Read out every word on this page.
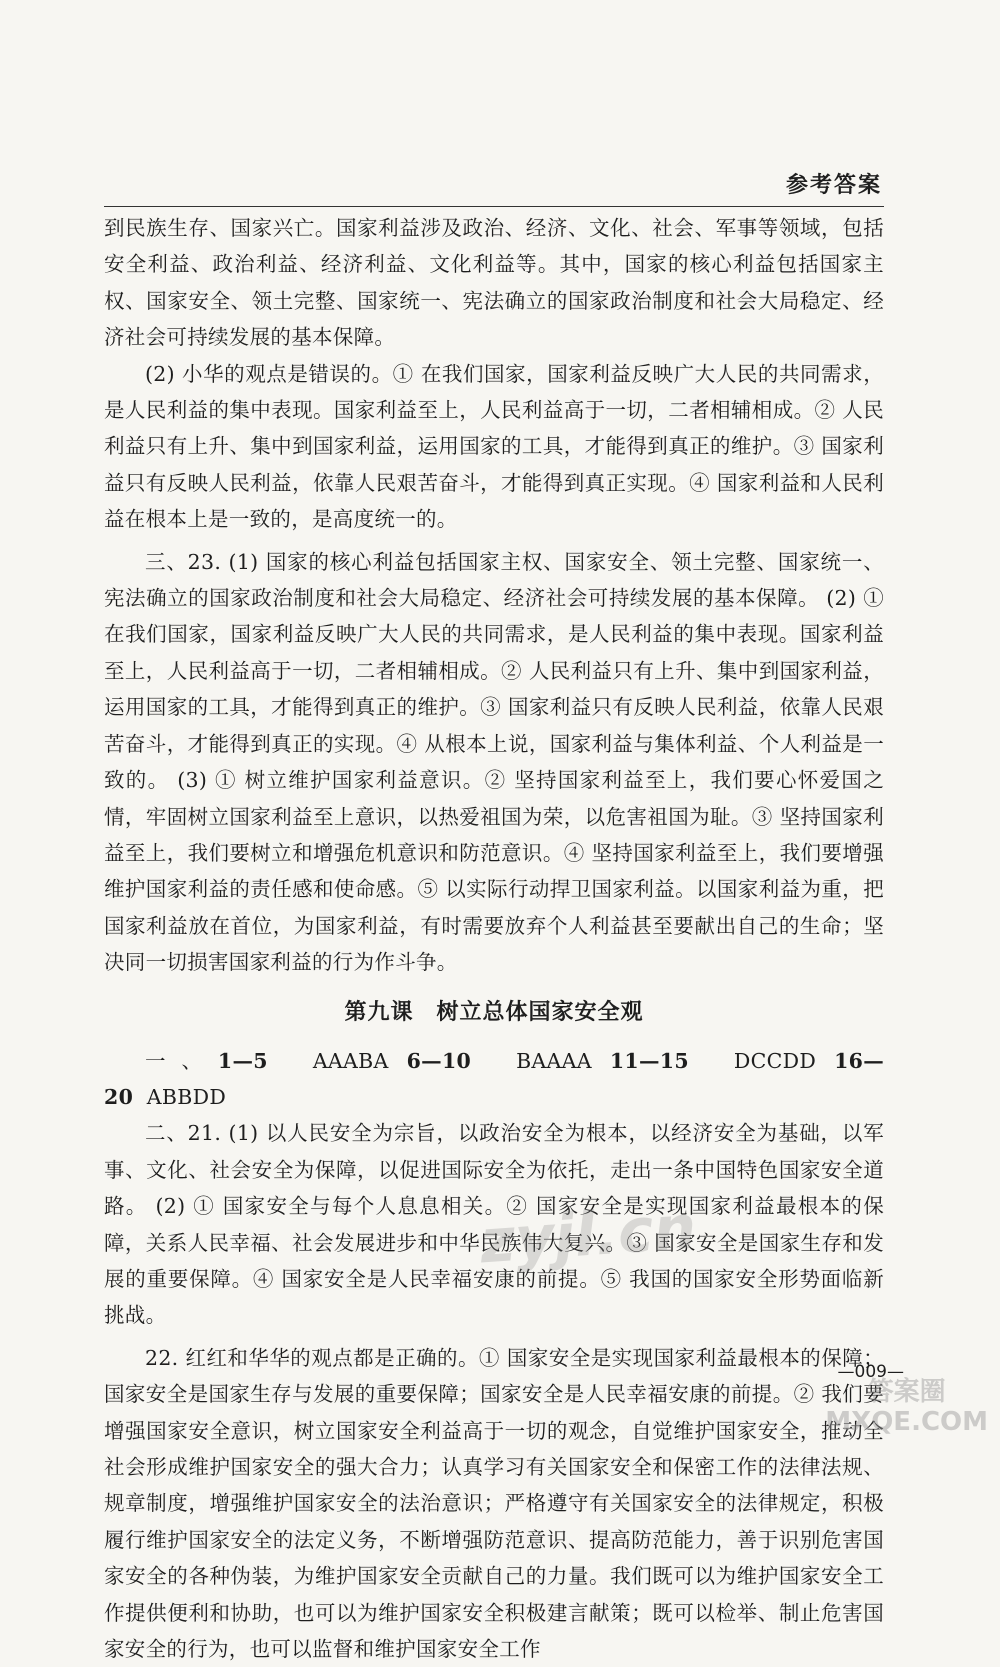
参考答案

到民族生存、国家兴亡。国家利益涉及政治、经济、文化、社会、军事等领域，包括安全利益、政治利益、经济利益、文化利益等。其中，国家的核心利益包括国家主权、国家安全、领土完整、国家统一、宪法确立的国家政治制度和社会大局稳定、经济社会可持续发展的基本保障。

(2) 小华的观点是错误的。① 在我们国家，国家利益反映广大人民的共同需求，是人民利益的集中表现。国家利益至上，人民利益高于一切，二者相辅相成。② 人民利益只有上升、集中到国家利益，运用国家的工具，才能得到真正的维护。③ 国家利益只有反映人民利益，依靠人民艰苦奋斗，才能得到真正实现。④ 国家利益和人民利益在根本上是一致的，是高度统一的。

三、23. (1) 国家的核心利益包括国家主权、国家安全、领土完整、国家统一、宪法确立的国家政治制度和社会大局稳定、经济社会可持续发展的基本保障。 (2) ① 在我们国家，国家利益反映广大人民的共同需求，是人民利益的集中表现。国家利益至上，人民利益高于一切，二者相辅相成。② 人民利益只有上升、集中到国家利益，运用国家的工具，才能得到真正的维护。③ 国家利益只有反映人民利益，依靠人民艰苦奋斗，才能得到真正的实现。④ 从根本上说，国家利益与集体利益、个人利益是一致的。 (3) ① 树立维护国家利益意识。② 坚持国家利益至上，我们要心怀爱国之情，牢固树立国家利益至上意识，以热爱祖国为荣，以危害祖国为耻。③ 坚持国家利益至上，我们要树立和增强危机意识和防范意识。④ 坚持国家利益至上，我们要增强维护国家利益的责任感和使命感。⑤ 以实际行动捍卫国家利益。以国家利益为重，把国家利益放在首位，为国家利益，有时需要放弃个人利益甚至要献出自己的生命；坚决同一切损害国家利益的行为作斗争。

第九课　树立总体国家安全观

一、1—5 AAABA 6—10 BAAAA 11—15 DCCDD 16—20 ABBDD

二、21. (1) 以人民安全为宗旨，以政治安全为根本，以经济安全为基础，以军事、文化、社会安全为保障，以促进国际安全为依托，走出一条中国特色国家安全道路。 (2) ① 国家安全与每个人息息相关。② 国家安全是实现国家利益最根本的保障，关系人民幸福、社会发展进步和中华民族伟大复兴。③ 国家安全是国家生存和发展的重要保障。④ 国家安全是人民幸福安康的前提。⑤ 我国的国家安全形势面临新挑战。

22. 红红和华华的观点都是正确的。① 国家安全是实现国家利益最根本的保障；国家安全是国家生存与发展的重要保障；国家安全是人民幸福安康的前提。② 我们要增强国家安全意识，树立国家安全利益高于一切的观念，自觉维护国家安全，推动全社会形成维护国家安全的强大合力；认真学习有关国家安全和保密工作的法律法规、规章制度，增强维护国家安全的法治意识；严格遵守有关国家安全的法律规定，积极履行维护国家安全的法定义务，不断增强防范意识、提高防范能力，善于识别危害国家安全的各种伪装，为维护国家安全贡献自己的力量。我们既可以为维护国家安全工作提供便利和协助，也可以为维护国家安全积极建言献策；既可以检举、制止危害国家安全的行为，也可以监督和维护国家安全工作

—009—
zyjl.cn
答案圈
MXQE.COM
